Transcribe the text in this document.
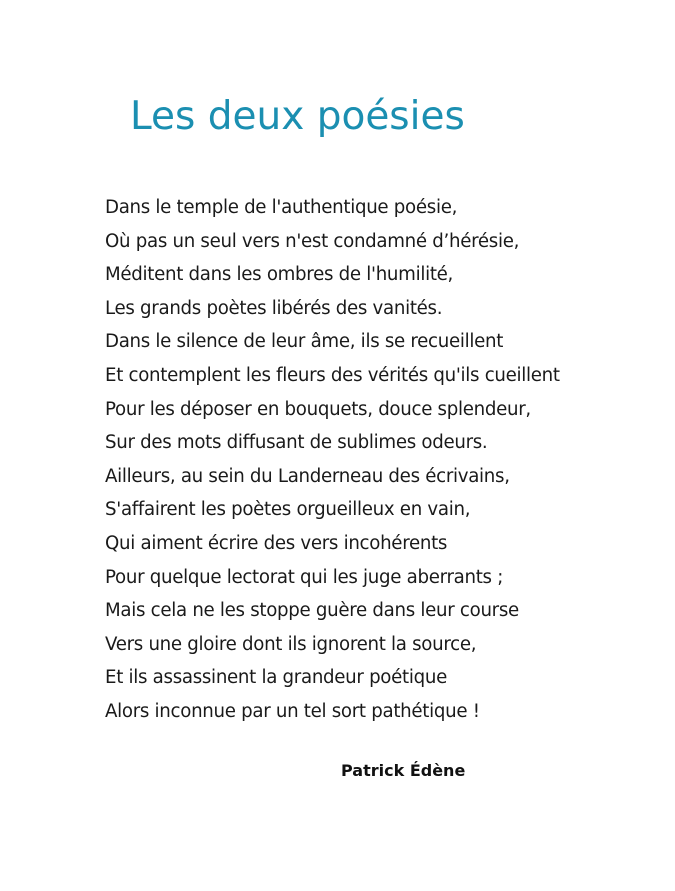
Les deux poésies
Dans le temple de l'authentique poésie,
Où pas un seul vers n'est condamné d’hérésie,
Méditent dans les ombres de l'humilité,
Les grands poètes libérés des vanités.
Dans le silence de leur âme, ils se recueillent
Et contemplent les fleurs des vérités qu'ils cueillent
Pour les déposer en bouquets, douce splendeur,
Sur des mots diffusant de sublimes odeurs.
Ailleurs, au sein du Landerneau des écrivains,
S'affairent les poètes orgueilleux en vain,
Qui aiment écrire des vers incohérents
Pour quelque lectorat qui les juge aberrants ;
Mais cela ne les stoppe guère dans leur course
Vers une gloire dont ils ignorent la source,
Et ils assassinent la grandeur poétique
Alors inconnue par un tel sort pathétique !

Patrick Édène
